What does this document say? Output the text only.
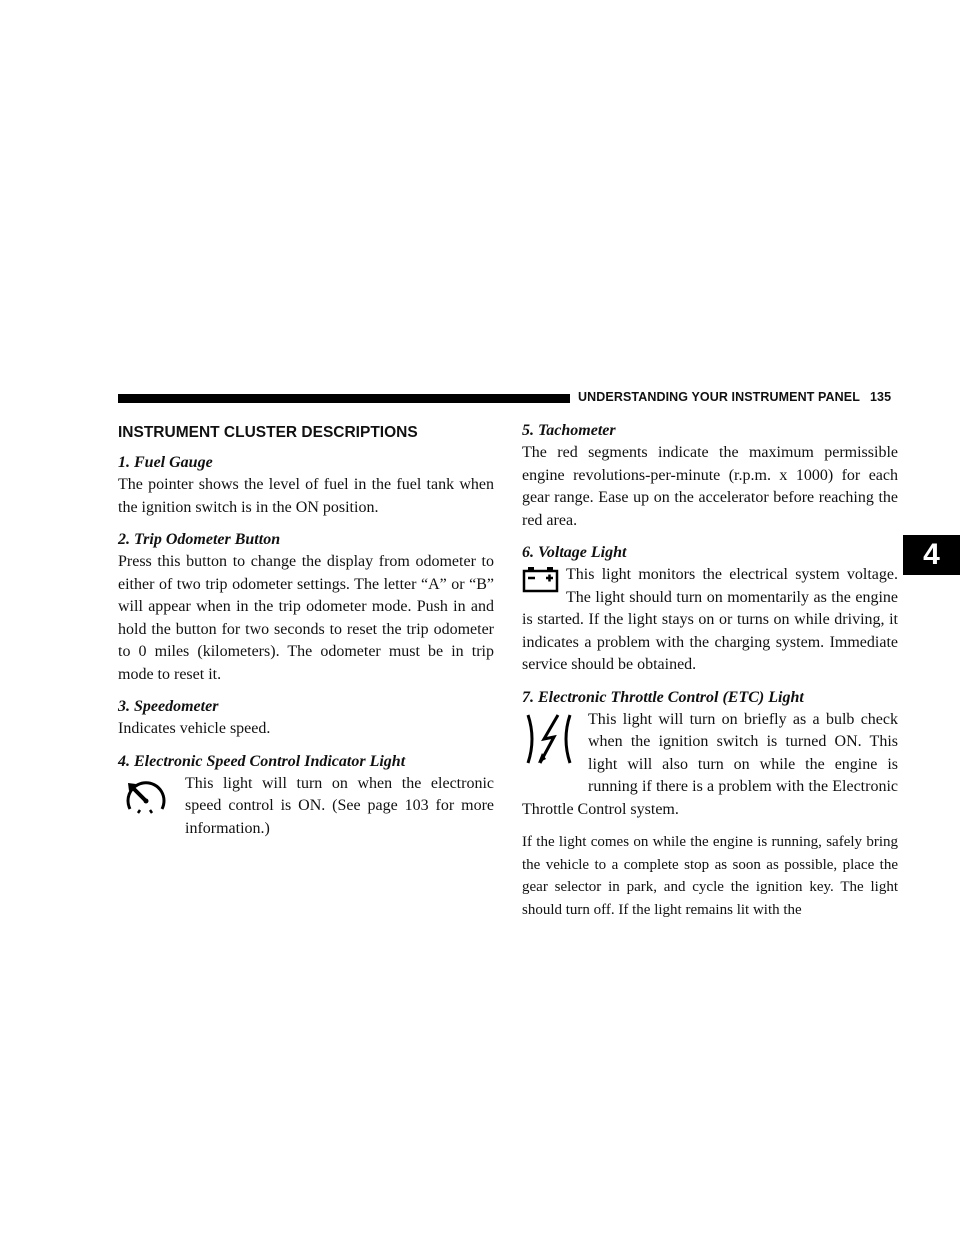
UNDERSTANDING YOUR INSTRUMENT PANEL 135
4
INSTRUMENT CLUSTER DESCRIPTIONS
1. Fuel Gauge

The pointer shows the level of fuel in the fuel tank when the ignition switch is in the ON position.

2. Trip Odometer Button

Press this button to change the display from odometer to either of two trip odometer settings. The letter “A” or “B” will appear when in the trip odometer mode. Push in and hold the button for two seconds to reset the trip odometer to 0 miles (kilometers). The odometer must be in trip mode to reset it.

3. Speedometer

Indicates vehicle speed.

4. Electronic Speed Control Indicator Light

This light will turn on when the electronic speed control is ON. (See page 103 for more information.)

5. Tachometer

The red segments indicate the maximum permissible engine revolutions-per-minute (r.p.m. x 1000) for each gear range. Ease up on the accelerator before reaching the red area.

6. Voltage Light

This light monitors the electrical system voltage. The light should turn on momentarily as the engine is started. If the light stays on or turns on while driving, it indicates a problem with the charging system. Immediate service should be obtained.

7. Electronic Throttle Control (ETC) Light

This light will turn on briefly as a bulb check when the ignition switch is turned ON. This light will also turn on while the engine is running if there is a problem with the Electronic Throttle Control system.

If the light comes on while the engine is running, safely bring the vehicle to a complete stop as soon as possible, place the gear selector in park, and cycle the ignition key. The light should turn off. If the light remains lit with the
